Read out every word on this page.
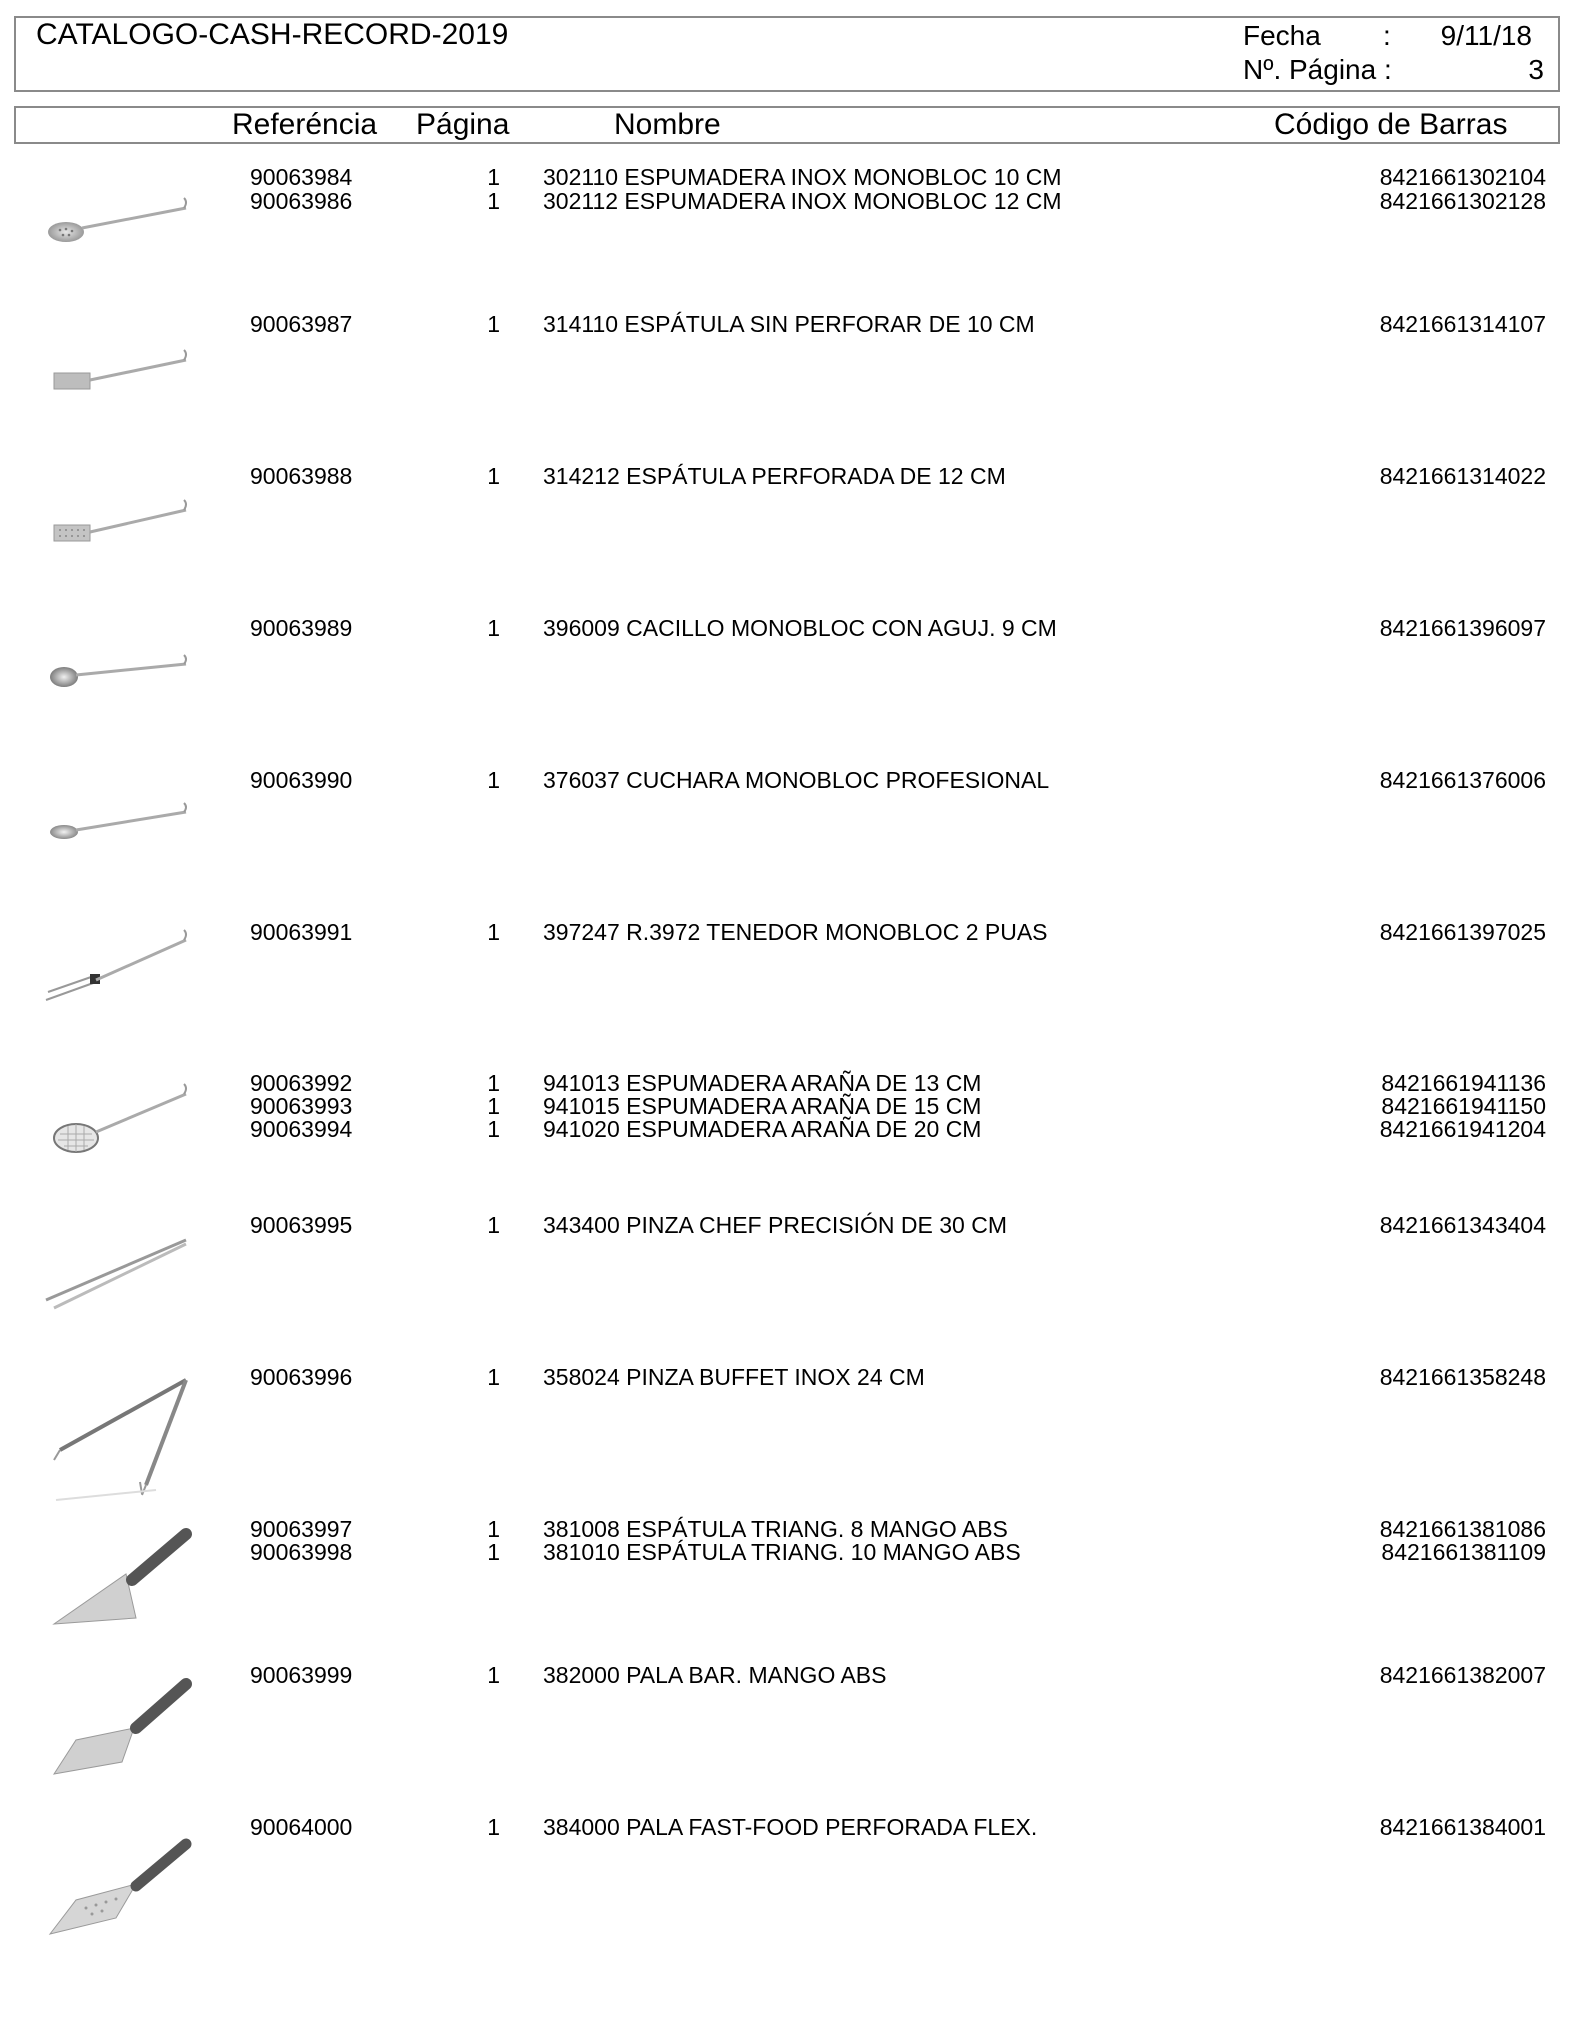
CATALOGO-CASH-RECORD-2019	Fecha : 9/11/18
Nº. Página :	3
Referéncia Página	Nombre	Código de Barras
90063984	1 302110 ESPUMADERA INOX MONOBLOC 10 CM	8421661302104
90063986	1 302112 ESPUMADERA INOX MONOBLOC 12 CM	8421661302128
90063987	1 314110 ESPÁTULA SIN PERFORAR DE 10 CM	8421661314107
90063988	1 314212 ESPÁTULA PERFORADA DE 12 CM	8421661314022
90063989	1 396009 CACILLO MONOBLOC CON AGUJ. 9 CM	8421661396097
90063990	1 376037 CUCHARA MONOBLOC PROFESIONAL	8421661376006
90063991	1 397247 R.3972 TENEDOR MONOBLOC 2 PUAS	8421661397025
90063992	1 941013 ESPUMADERA ARAÑA DE 13 CM	8421661941136
90063993	1 941015 ESPUMADERA ARAÑA DE 15 CM	8421661941150
90063994	1 941020 ESPUMADERA ARAÑA DE 20 CM	8421661941204
90063995	1 343400 PINZA CHEF PRECISIÓN DE 30 CM	8421661343404
90063996	1 358024 PINZA BUFFET INOX 24 CM	8421661358248
90063997	1 381008 ESPÁTULA TRIANG. 8 MANGO ABS	8421661381086
90063998	1 381010 ESPÁTULA TRIANG. 10 MANGO ABS	8421661381109
90063999	1 382000 PALA BAR. MANGO ABS	8421661382007
90064000	1 384000 PALA FAST-FOOD PERFORADA FLEX.	8421661384001
